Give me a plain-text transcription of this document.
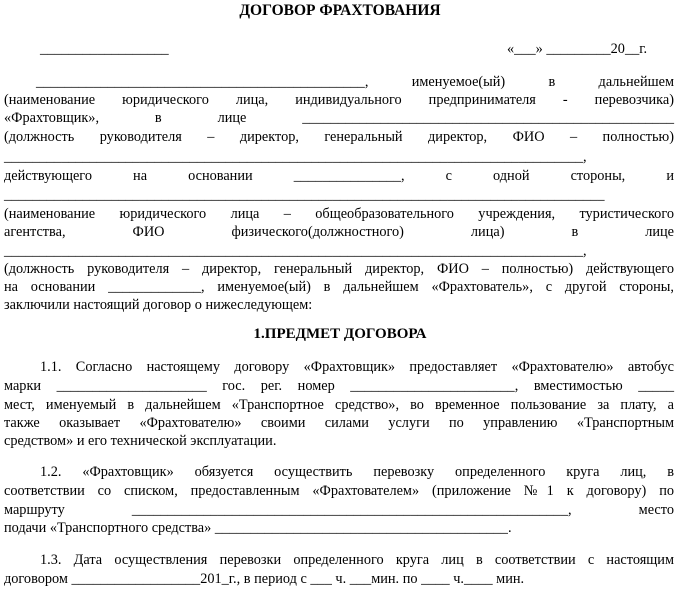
ДОГОВОР ФРАХТОВАНИЯ
__________________	«___» _________20__г.
______________________________________________, именуемое(ый) в дальнейшем
(наименование юридического лица, индивидуального предпринимателя - перевозчика)
«Фрахтовщик», в лице ____________________________________________________
(должность руководителя – директор, генеральный директор, ФИО – полностью)
_________________________________________________________________________________,
действующего на основании _______________, с одной стороны, и
____________________________________________________________________________________
(наименование юридического лица – общеобразовательного учреждения, туристического
агентства, ФИО физического(должностного) лица) в лице
_________________________________________________________________________________,
(должность руководителя – директор, генеральный директор, ФИО – полностью) действующего
на основании _____________, именуемое(ый) в дальнейшем «Фрахтователь», с другой стороны,
заключили настоящий договор о нижеследующем:
1.ПРЕДМЕТ ДОГОВОРА
1.1. Согласно настоящему договору «Фрахтовщик» предоставляет «Фрахтователю» автобус
марки _____________________ гос. рег. номер _______________________, вместимостью _____
мест, именуемый в дальнейшем «Транспортное средство», во временное пользование за плату, а
также оказывает «Фрахтователю» своими силами услуги по управлению «Транспортным
средством» и его технической эксплуатации.
1.2. «Фрахтовщик» обязуется осуществить перевозку определенного круга лиц, в
соответствии со списком, предоставленным «Фрахтователем» (приложение №1 к договору) по
маршруту _____________________________________________________________, место
подачи «Транспортного средства» _________________________________________.
1.3. Дата осуществления перевозки определенного круга лиц в соответствии с настоящим
договором __________________201_г., в период с ___ ч. ___мин. по ____ ч.____ мин.
